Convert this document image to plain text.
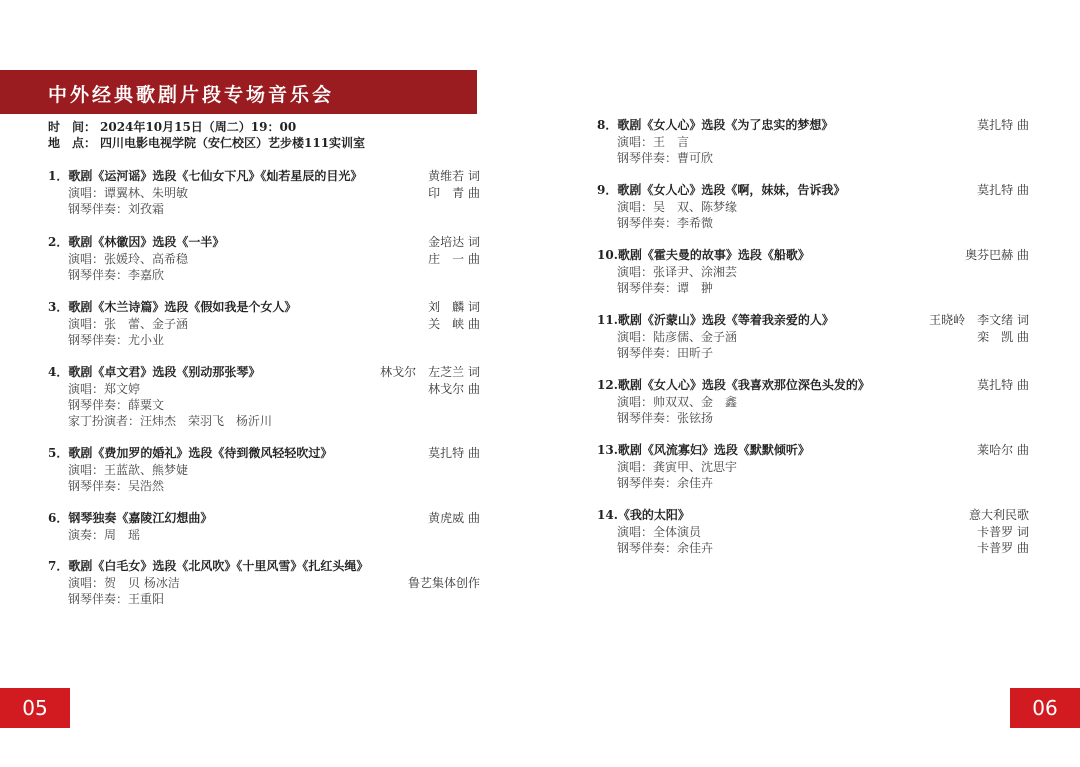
中外经典歌剧片段专场音乐会
时　间： 2024年10月15日（周二）19：00
地　点： 四川电影电视学院（安仁校区）艺步楼111实训室
1．歌剧《运河谣》选段《七仙女下凡》《灿若星辰的目光》	黄维若 词
演唱：谭翼林、朱明敏	印　青 曲
钢琴伴奏：刘孜霜
2．歌剧《林徽因》选段《一半》	金培达 词
演唱：张媛玲、高希稳	庄　一 曲
钢琴伴奏：李嘉欣
3．歌剧《木兰诗篇》选段《假如我是个女人》	刘　麟 词
演唱：张　蕾、金子涵	关　峡 曲
钢琴伴奏：尤小业
4．歌剧《卓文君》选段《别动那张琴》	林戈尔　左芝兰 词
演唱：郑文婷	林戈尔 曲
钢琴伴奏：薛粟文
家丁扮演者：汪炜杰　荣羽飞　杨沂川
5．歌剧《费加罗的婚礼》选段《待到微风轻轻吹过》	莫扎特 曲
演唱：王蓝歆、熊梦婕
钢琴伴奏：吴浩然
6．钢琴独奏《嘉陵江幻想曲》	黄虎威 曲
演奏：周　瑶
7．歌剧《白毛女》选段《北风吹》《十里风雪》《扎红头绳》
演唱：贺　贝 杨冰洁	鲁艺集体创作
钢琴伴奏：王重阳
8．歌剧《女人心》选段《为了忠实的梦想》	莫扎特 曲
演唱：王　言
钢琴伴奏：曹可欣
9．歌剧《女人心》选段《啊，妹妹，告诉我》	莫扎特 曲
演唱：吴　双、陈梦缘
钢琴伴奏：李希微
10.歌剧《霍夫曼的故事》选段《船歌》	奥芬巴赫 曲
演唱：张译尹、涂湘芸
钢琴伴奏：谭　翀
11.歌剧《沂蒙山》选段《等着我亲爱的人》	王晓岭　李文绪 词
演唱：陆彦儒、金子涵	栾　凯 曲
钢琴伴奏：田昕子
12.歌剧《女人心》选段《我喜欢那位深色头发的》	莫扎特 曲
演唱：帅双双、金　鑫
钢琴伴奏：张铉扬
13.歌剧《风流寡妇》选段《默默倾听》	莱哈尔 曲
演唱：龚寅甲、沈思宇
钢琴伴奏：余佳卉
14.《我的太阳》	意大利民歌
演唱：全体演员	卡普罗 词
钢琴伴奏：余佳卉	卡普罗 曲
05	06
